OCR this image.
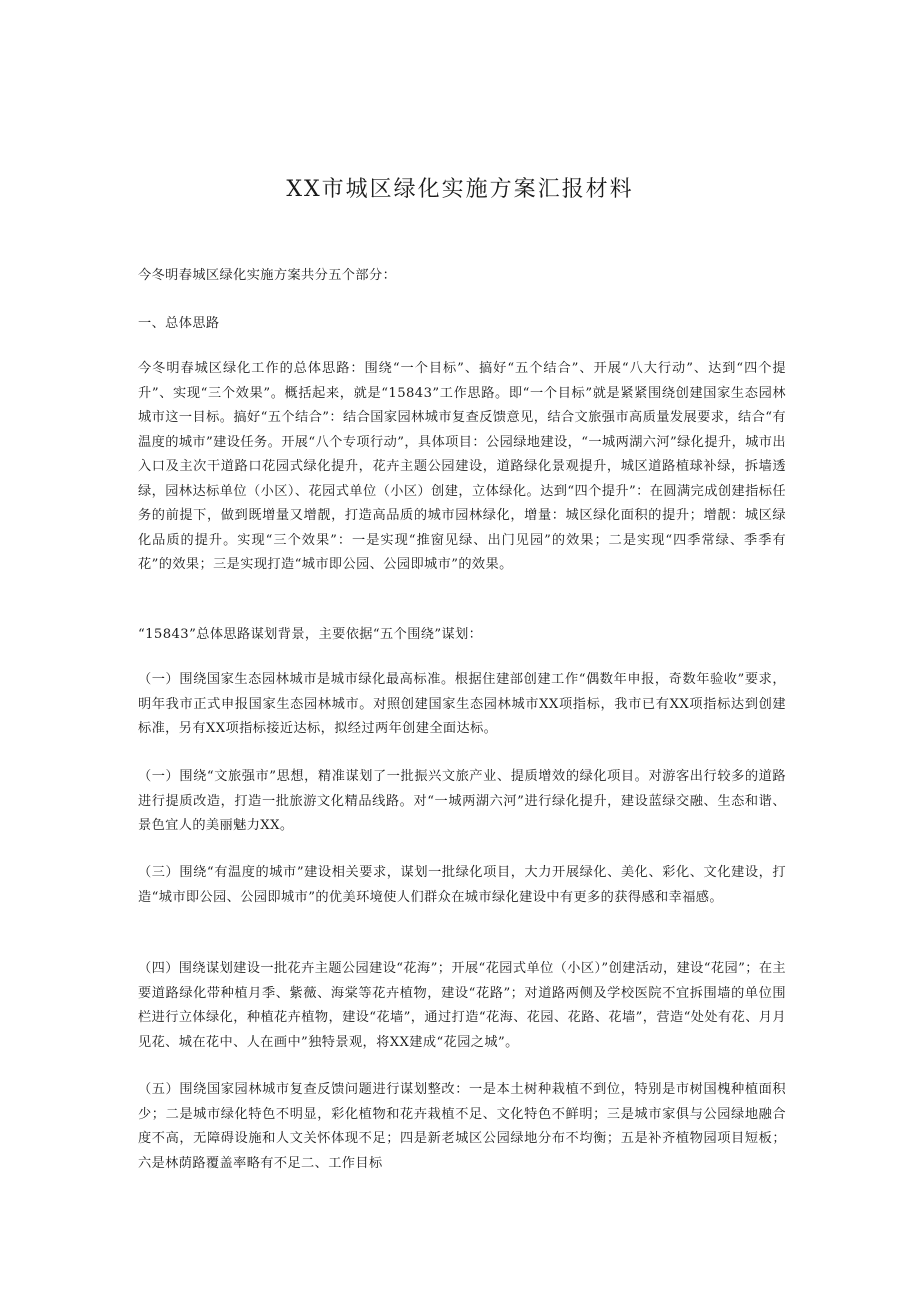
XX市城区绿化实施方案汇报材料

今冬明春城区绿化实施方案共分五个部分：

一、总体思路

今冬明春城区绿化工作的总体思路：围绕“一个目标”、搞好“五个结合”、开展“八大行动”、达到“四个提升”、实现“三个效果”。概括起来，就是“15843”工作思路。即“一个目标”就是紧紧围绕创建国家生态园林城市这一目标。搞好“五个结合”：结合国家园林城市复查反馈意见，结合文旅强市高质量发展要求，结合“有温度的城市”建设任务。开展“八个专项行动”，具体项目：公园绿地建设，“一城两湖六河”绿化提升，城市出入口及主次干道路口花园式绿化提升，花卉主题公园建设，道路绿化景观提升，城区道路植球补绿，拆墙透绿，园林达标单位（小区）、花园式单位（小区）创建，立体绿化。达到“四个提升”：在圆满完成创建指标任务的前提下，做到既增量又增靓，打造高品质的城市园林绿化，增量：城区绿化面积的提升；增靓：城区绿化品质的提升。实现“三个效果”：一是实现“推窗见绿、出门见园”的效果；二是实现“四季常绿、季季有花”的效果；三是实现打造“城市即公园、公园即城市”的效果。

“15843”总体思路谋划背景，主要依据“五个围绕”谋划：

（一）围绕国家生态园林城市是城市绿化最高标准。根据住建部创建工作“偶数年申报，奇数年验收”要求，明年我市正式申报国家生态园林城市。对照创建国家生态园林城市XX项指标，我市已有XX项指标达到创建标准，另有XX项指标接近达标，拟经过两年创建全面达标。

（一）围绕“文旅强市”思想，精准谋划了一批振兴文旅产业、提质增效的绿化项目。对游客出行较多的道路进行提质改造，打造一批旅游文化精品线路。对“一城两湖六河”进行绿化提升，建设蓝绿交融、生态和谐、景色宜人的美丽魅力XX。

（三）围绕“有温度的城市”建设相关要求，谋划一批绿化项目，大力开展绿化、美化、彩化、文化建设，打造“城市即公园、公园即城市”的优美环境使人们群众在城市绿化建设中有更多的获得感和幸福感。

（四）围绕谋划建设一批花卉主题公园建设“花海”；开展“花园式单位（小区）”创建活动，建设“花园”；在主要道路绿化带种植月季、紫薇、海棠等花卉植物，建设“花路”；对道路两侧及学校医院不宜拆围墙的单位围栏进行立体绿化，种植花卉植物，建设“花墙”，通过打造“花海、花园、花路、花墙”，营造“处处有花、月月见花、城在花中、人在画中”独特景观，将XX建成“花园之城”。

（五）围绕国家园林城市复查反馈问题进行谋划整改：一是本土树种栽植不到位，特别是市树国槐种植面积少；二是城市绿化特色不明显，彩化植物和花卉栽植不足、文化特色不鲜明；三是城市家俱与公园绿地融合度不高，无障碍设施和人文关怀体现不足；四是新老城区公园绿地分布不均衡；五是补齐植物园项目短板；六是林荫路覆盖率略有不足二、工作目标
